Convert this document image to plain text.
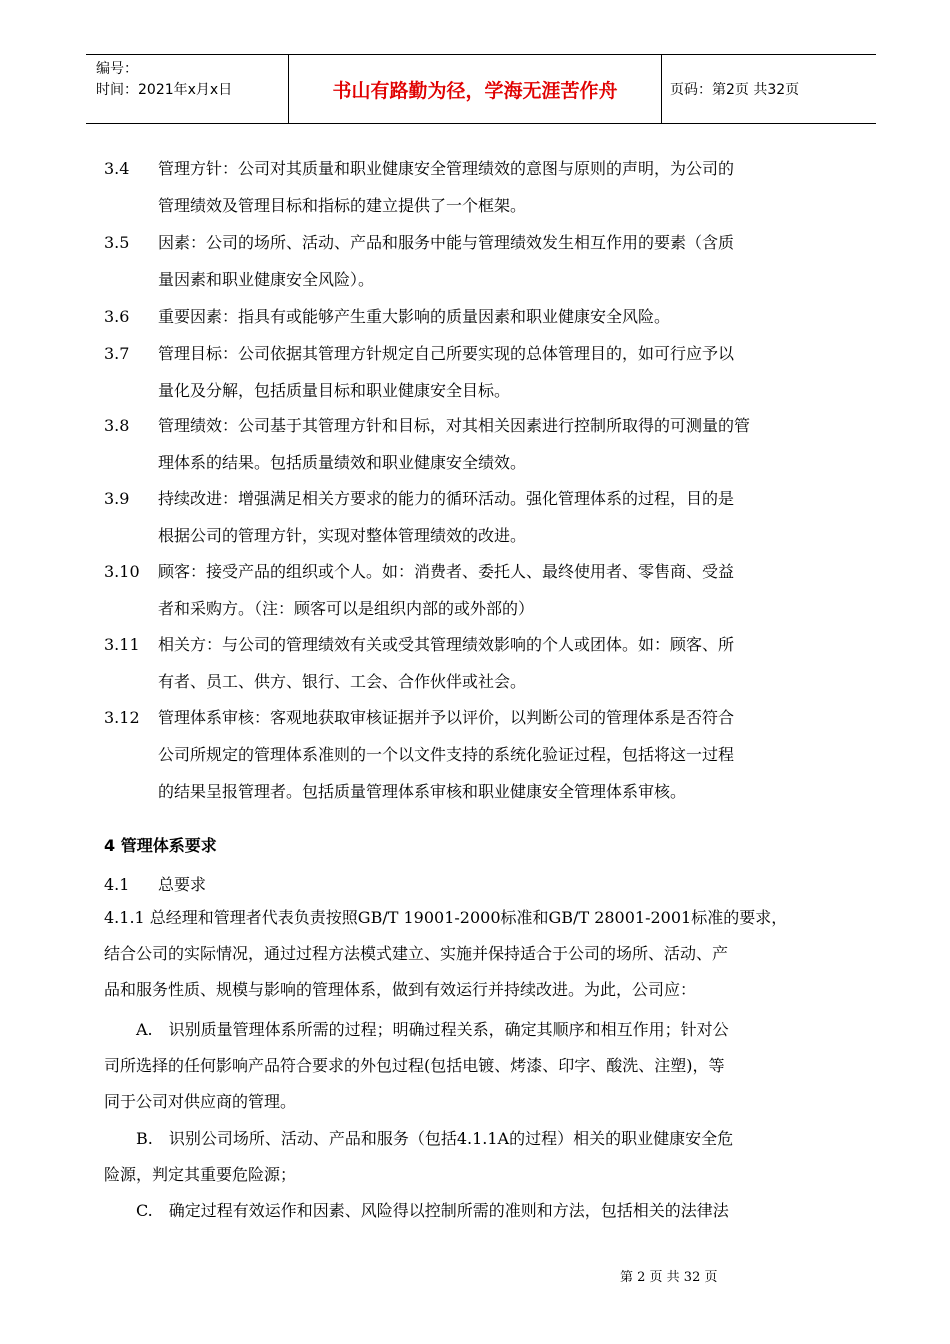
编号：
时间：2021年x月x日	书山有路勤为径，学海无涯苦作舟	页码：第2页 共32页
3.4 管理方针：公司对其质量和职业健康安全管理绩效的意图与原则的声明，为公司的
管理绩效及管理目标和指标的建立提供了一个框架。
3.5 因素：公司的场所、活动、产品和服务中能与管理绩效发生相互作用的要素（含质
量因素和职业健康安全风险）。
3.6 重要因素：指具有或能够产生重大影响的质量因素和职业健康安全风险。
3.7 管理目标：公司依据其管理方针规定自己所要实现的总体管理目的，如可行应予以
量化及分解，包括质量目标和职业健康安全目标。
3.8 管理绩效：公司基于其管理方针和目标，对其相关因素进行控制所取得的可测量的管
理体系的结果。包括质量绩效和职业健康安全绩效。
3.9 持续改进：增强满足相关方要求的能力的循环活动。强化管理体系的过程，目的是
根据公司的管理方针，实现对整体管理绩效的改进。
3.10 顾客：接受产品的组织或个人。如：消费者、委托人、最终使用者、零售商、受益
者和采购方。（注：顾客可以是组织内部的或外部的）
3.11 相关方：与公司的管理绩效有关或受其管理绩效影响的个人或团体。如：顾客、所
有者、员工、供方、银行、工会、合作伙伴或社会。
3.12 管理体系审核：客观地获取审核证据并予以评价，以判断公司的管理体系是否符合
公司所规定的管理体系准则的一个以文件支持的系统化验证过程，包括将这一过程
的结果呈报管理者。包括质量管理体系审核和职业健康安全管理体系审核。
4 管理体系要求
4.1 总要求
4.1.1 总经理和管理者代表负责按照GB/T 19001-2000标准和GB/T 28001-2001标准的要求，
结合公司的实际情况，通过过程方法模式建立、实施并保持适合于公司的场所、活动、产
品和服务性质、规模与影响的管理体系，做到有效运行并持续改进。为此，公司应：
　　A.　识别质量管理体系所需的过程；明确过程关系，确定其顺序和相互作用；针对公
司所选择的任何影响产品符合要求的外包过程(包括电镀、烤漆、印字、酸洗、注塑)，等
同于公司对供应商的管理。
　　B.　识别公司场所、活动、产品和服务（包括4.1.1A的过程）相关的职业健康安全危
险源，判定其重要危险源；
　　C.　确定过程有效运作和因素、风险得以控制所需的准则和方法，包括相关的法律法
第 2 页 共 32 页
